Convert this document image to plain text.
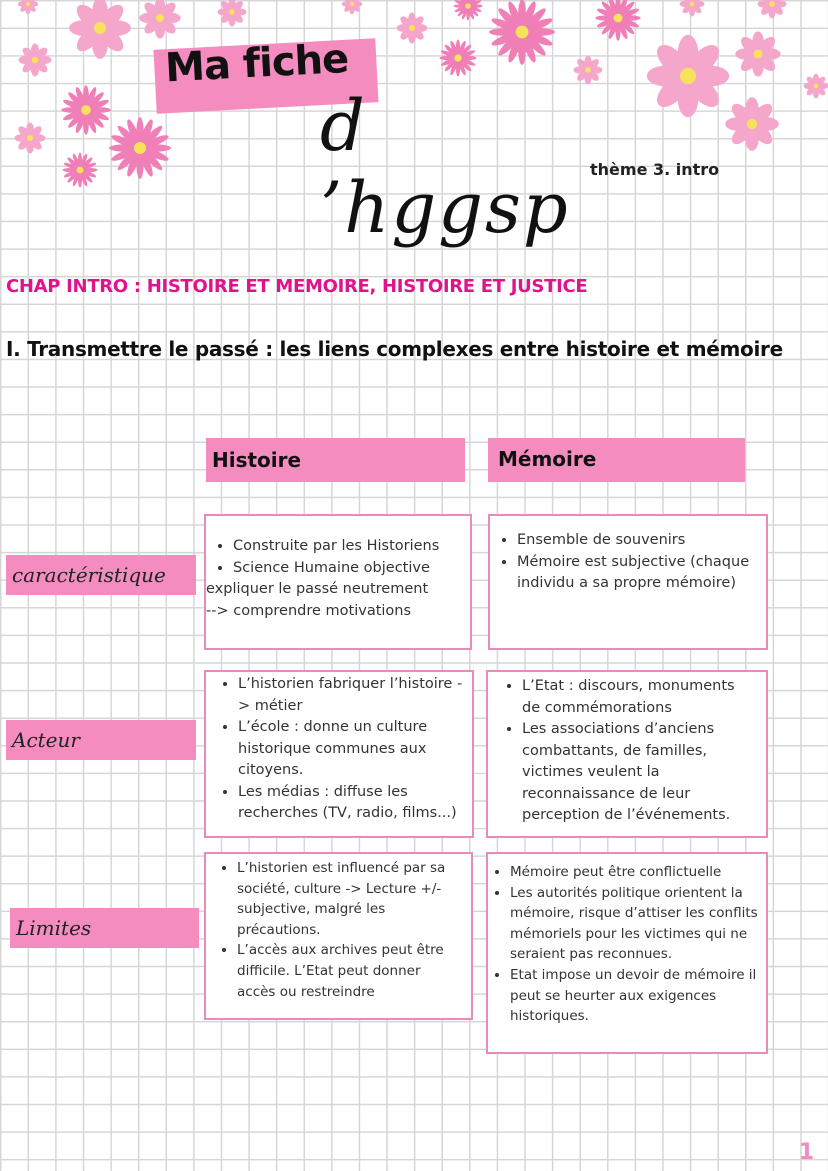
Ma fiche
d ’hggsp	thème 3. intro
CHAP INTRO : HISTOIRE ET MEMOIRE, HISTOIRE ET JUSTICE
I. Transmettre le passé : les liens complexes entre histoire et mémoire
Histoire	Mémoire
caractéristique
Acteur
Limites
• Construite par les Historiens
• Science Humaine objective
expliquer le passé neutrement
--> comprendre motivations
• Ensemble de souvenirs
• Mémoire est subjective (chaque individu a sa propre mémoire)
• L’historien fabriquer l’histoire -> métier
• L’école : donne un culture historique communes aux citoyens.
• Les médias : diffuse les recherches (TV, radio, films...)
• L’Etat : discours, monuments de commémorations
• Les associations d’anciens combattants, de familles, victimes veulent la reconnaissance de leur perception de l’événements.
• L’historien est influencé par sa société, culture -> Lecture +/- subjective, malgré les précautions.
• L’accès aux archives peut être difficile. L’Etat peut donner accès ou restreindre
• Mémoire peut être conflictuelle
• Les autorités politique orientent la mémoire, risque d’attiser les conflits mémoriels pour les victimes qui ne seraient pas reconnues.
• Etat impose un devoir de mémoire il peut se heurter aux exigences historiques.
1
